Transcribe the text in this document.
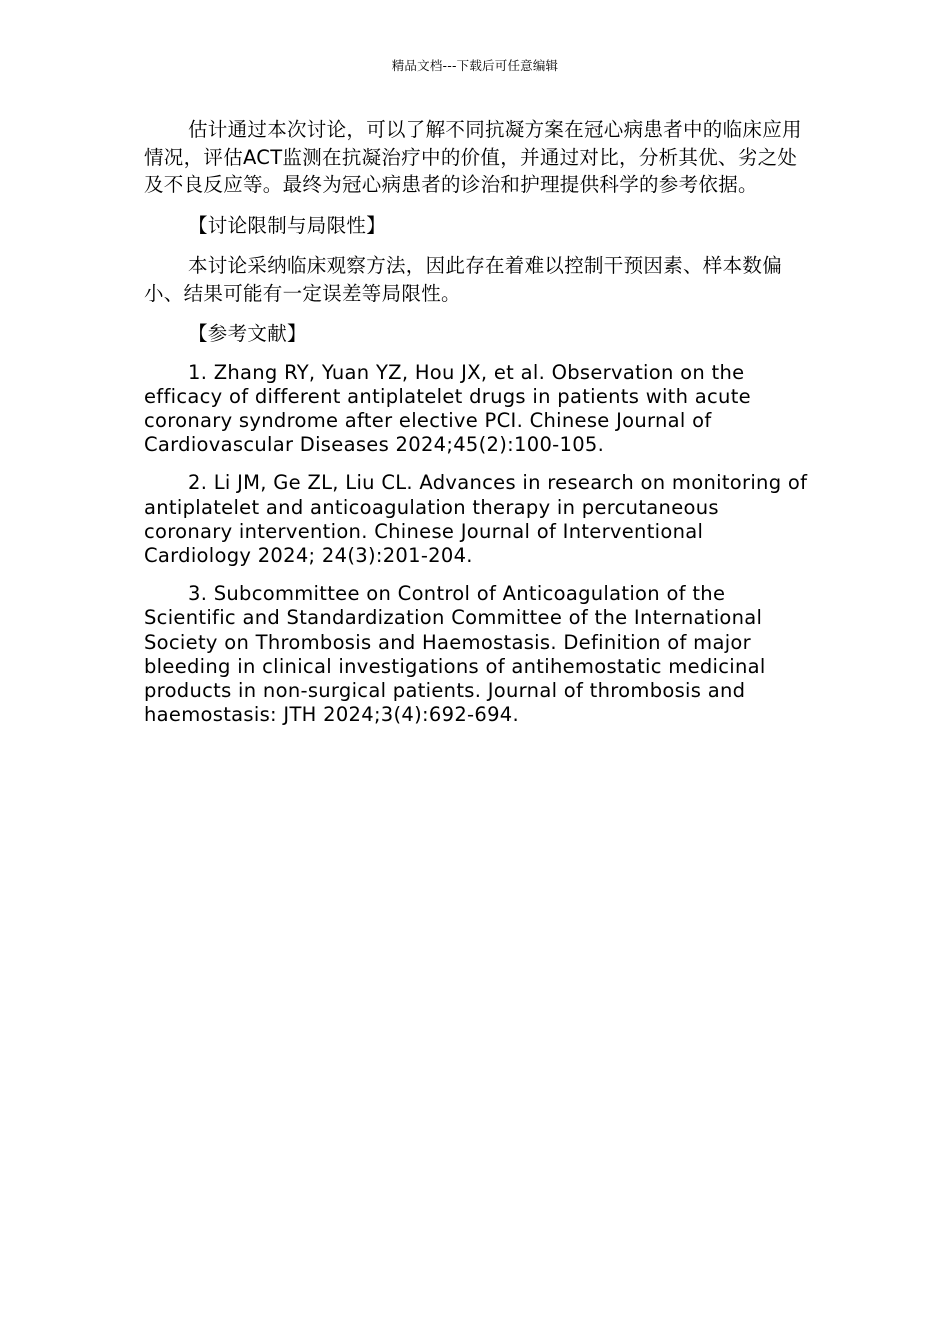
精品文档---下载后可任意编辑

估计通过本次讨论，可以了解不同抗凝方案在冠心病患者中的临床应用情况，评估ACT监测在抗凝治疗中的价值，并通过对比，分析其优、劣之处及不良反应等。最终为冠心病患者的诊治和护理提供科学的参考依据。

【讨论限制与局限性】

本讨论采纳临床观察方法，因此存在着难以控制干预因素、样本数偏小、结果可能有一定误差等局限性。

【参考文献】

1. Zhang RY, Yuan YZ, Hou JX, et al. Observation on the efficacy of different antiplatelet drugs in patients with acute coronary syndrome after elective PCI. Chinese Journal of Cardiovascular Diseases 2024;45(2):100-105.

2. Li JM, Ge ZL, Liu CL. Advances in research on monitoring of antiplatelet and anticoagulation therapy in percutaneous coronary intervention. Chinese Journal of Interventional Cardiology 2024; 24(3):201-204.

3. Subcommittee on Control of Anticoagulation of the Scientific and Standardization Committee of the International Society on Thrombosis and Haemostasis. Definition of major bleeding in clinical investigations of antihemostatic medicinal products in non-surgical patients. Journal of thrombosis and haemostasis: JTH 2024;3(4):692-694.
